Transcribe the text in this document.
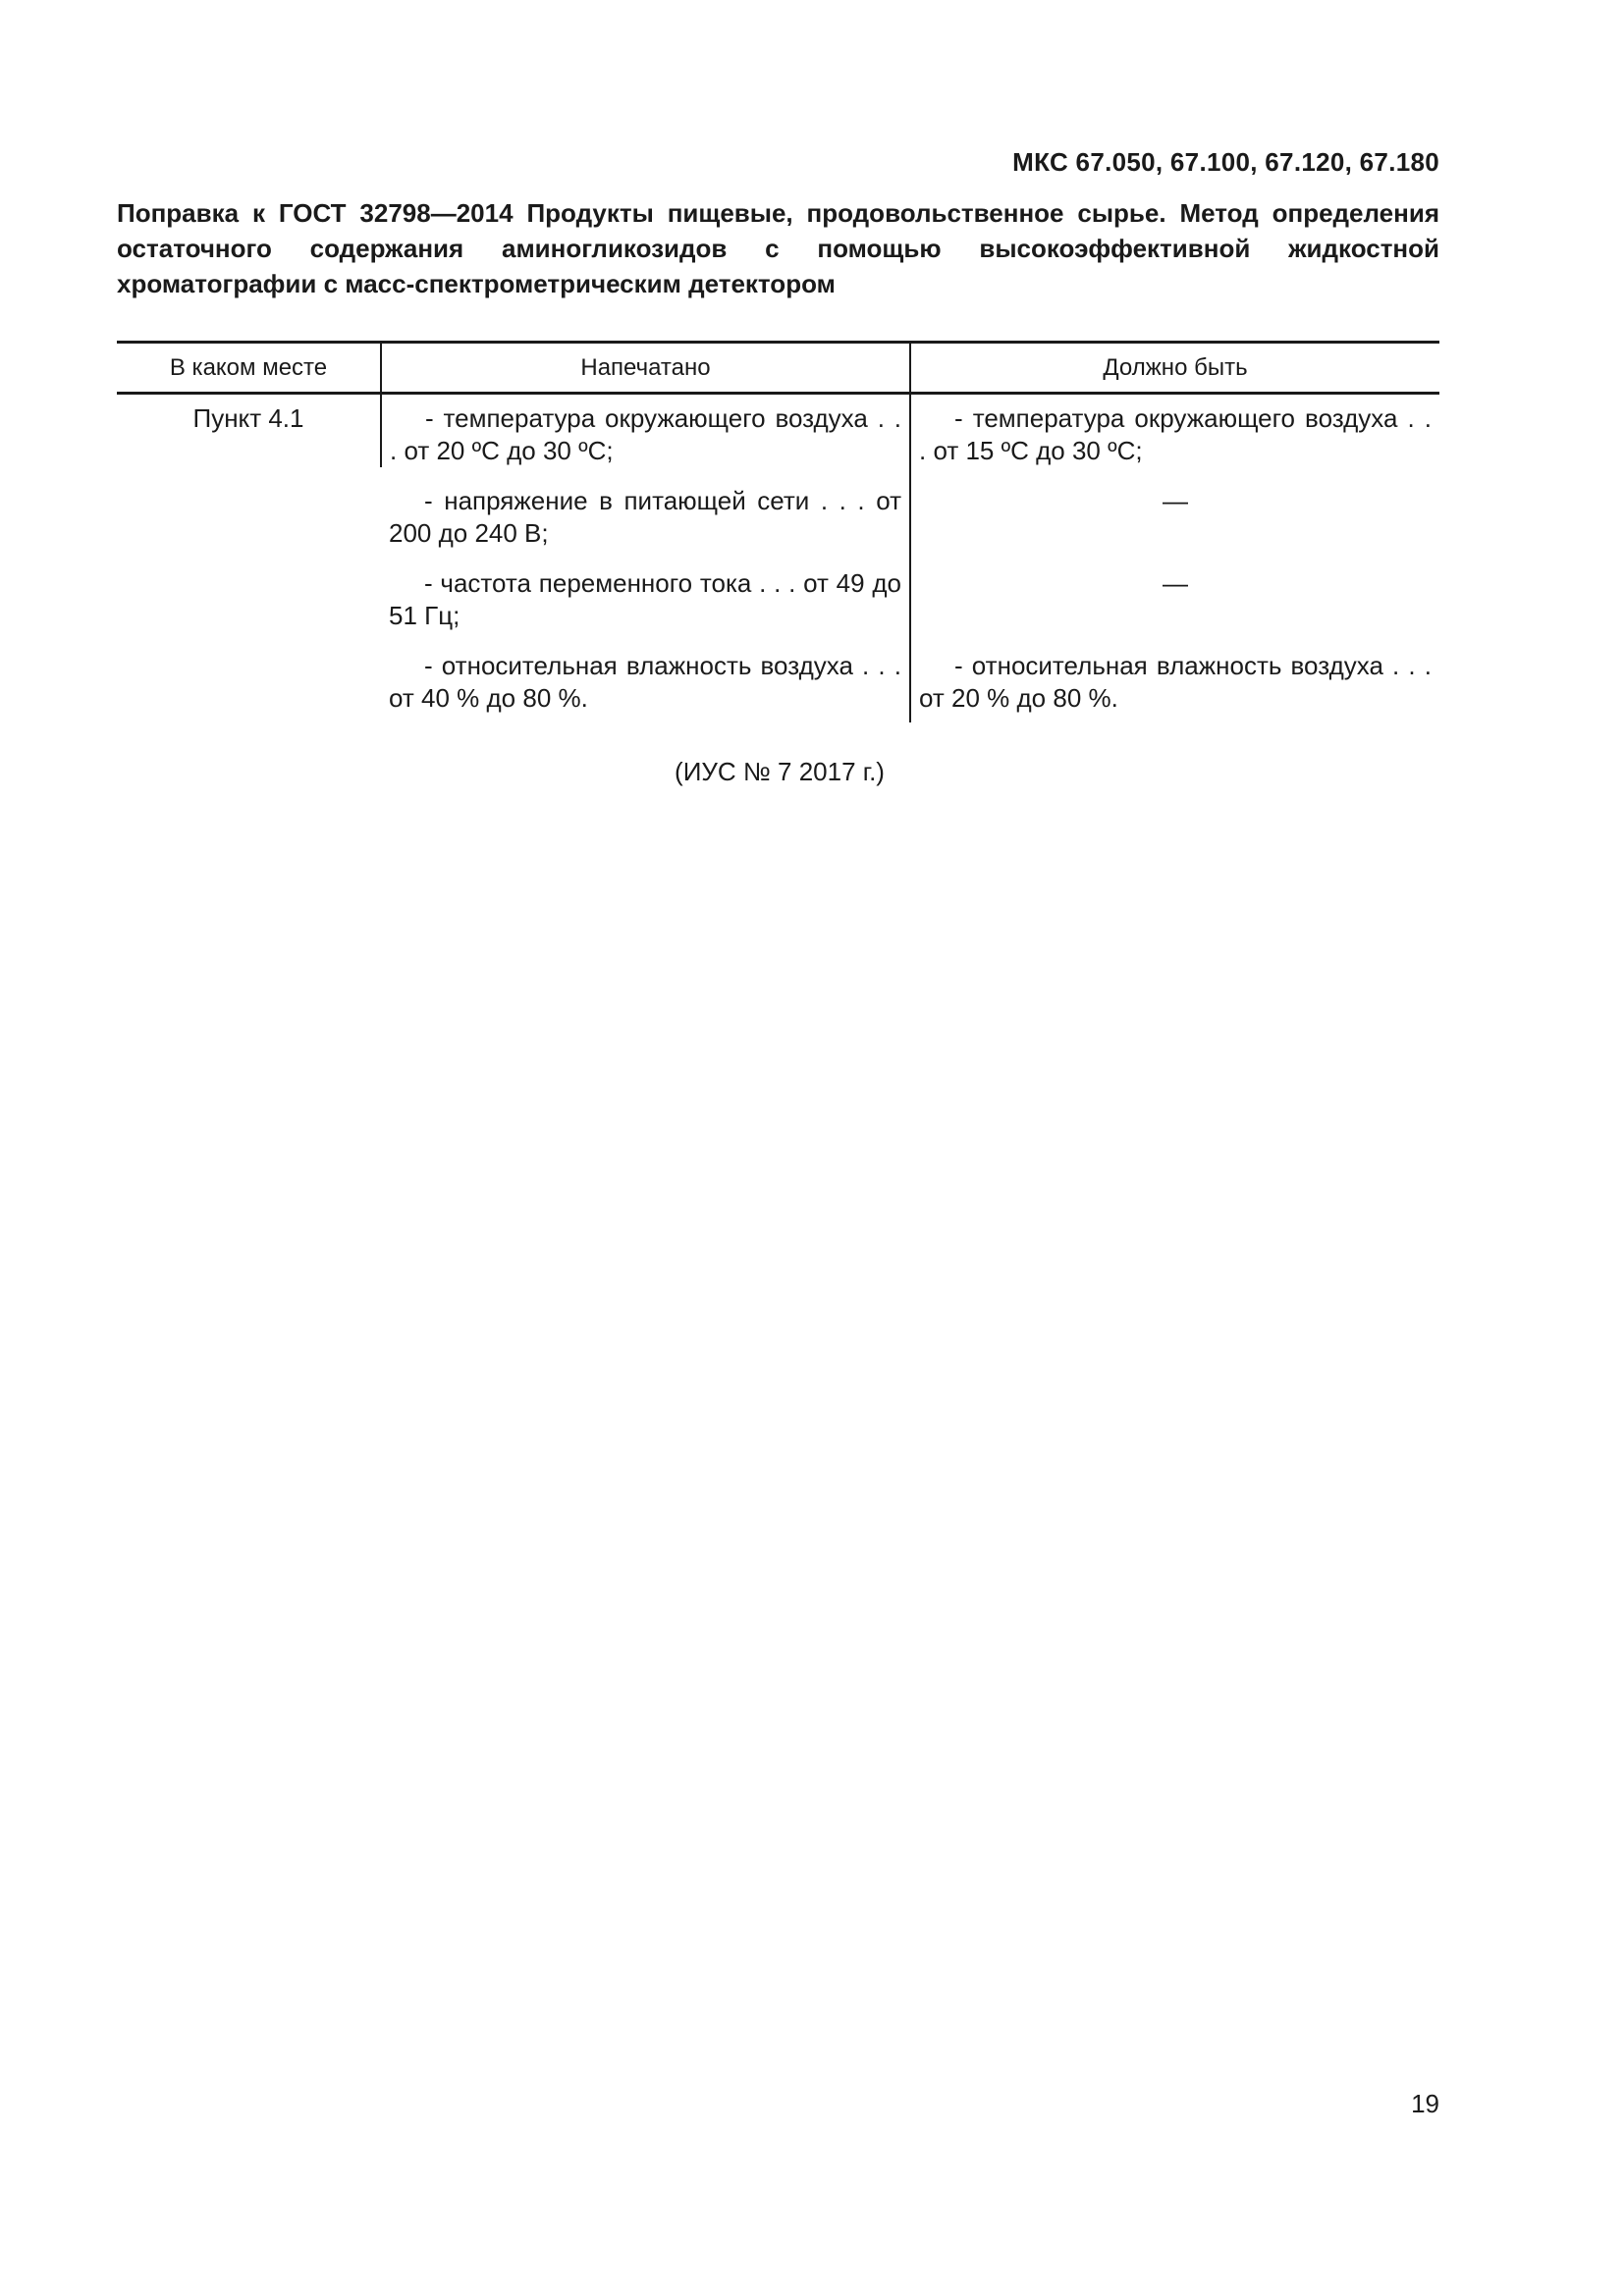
МКС 67.050, 67.100, 67.120, 67.180
Поправка к ГОСТ 32798—2014 Продукты пищевые, продовольственное сырье. Метод определения остаточного содержания аминогликозидов с помощью высокоэффективной жидкостной хроматографии с масс-спектрометрическим детектором
В каком месте	Напечатано	Должно быть
Пункт 4.1	- температура окружающего воздуха . . . от 20 ºС до 30 ºС;	- температура окружающего воздуха . . . от 15 ºС до 30 ºС;
	- напряжение в питающей сети . . . от 200 до 240 В;	—
	- частота переменного тока . . . от 49 до 51 Гц;	—
	- относительная влажность воздуха . . . от 40 % до 80 %.	- относительная влажность воздуха . . . от 20 % до 80 %.
(ИУС № 7 2017 г.)
19
